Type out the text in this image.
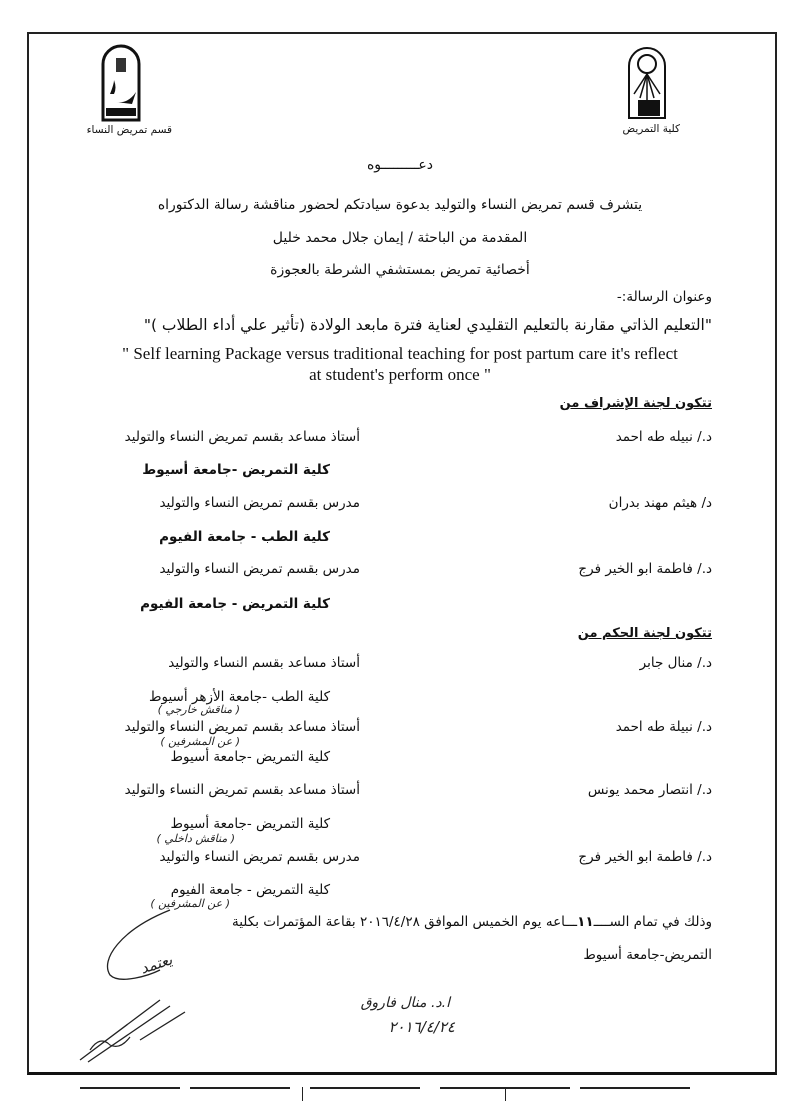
كلية التمريض
قسم تمريض النساء
دعـــــــــوه
يتشرف قسم تمريض النساء والتوليد بدعوة سيادتكم لحضور مناقشة رسالة الدكتوراه
المقدمة من الباحثة / إيمان جلال محمد خليل
أخصائية تمريض بمستشفي الشرطة بالعجوزة
وعنوان الرسالة:-
"التعليم الذاتي مقارنة بالتعليم التقليدي لعناية فترة مابعد الولادة (تأثير علي أداء الطلاب )"
" Self learning Package versus traditional teaching for post partum care it's reflect
at student's perform once "
تتكون لجنة الإشراف من
د./ نبيله طه احمد
أستاذ مساعد بقسم تمريض النساء والتوليد
كلية التمريض -جامعة أسيوط
د/ هيثم مهند بدران
مدرس بقسم تمريض النساء والتوليد
كلية الطب - جامعة الفيوم
د./ فاطمة ابو الخير فرج
مدرس بقسم تمريض النساء والتوليد
كلية التمريض - جامعة الفيوم
تتكون لجنة الحكم من
د./ منال جابر
أستاذ مساعد بقسم النساء والتوليد
كلية الطب -جامعة الأزهر أسيوط
( مناقش خارجي )
د./ نبيلة طه احمد
أستاذ مساعد بقسم تمريض النساء والتوليد
( عن المشرفين )
كلية التمريض -جامعة أسيوط
د./ انتصار محمد يونس
أستاذ مساعد بقسم تمريض النساء والتوليد
كلية التمريض -جامعة أسيوط
( مناقش داخلي )
د./ فاطمة ابو الخير فرج
مدرس بقسم تمريض النساء والتوليد
كلية التمريض - جامعة الفيوم
( عن المشرفين )
وذلك في تمام الســــ١١ـــاعه يوم الخميس الموافق ٢٠١٦/٤/٢٨ بقاعة المؤتمرات بكلية
التمريض-جامعة أسيوط
يعتمد
ا.د. منال فاروق
٢٠١٦/٤/٢٤
